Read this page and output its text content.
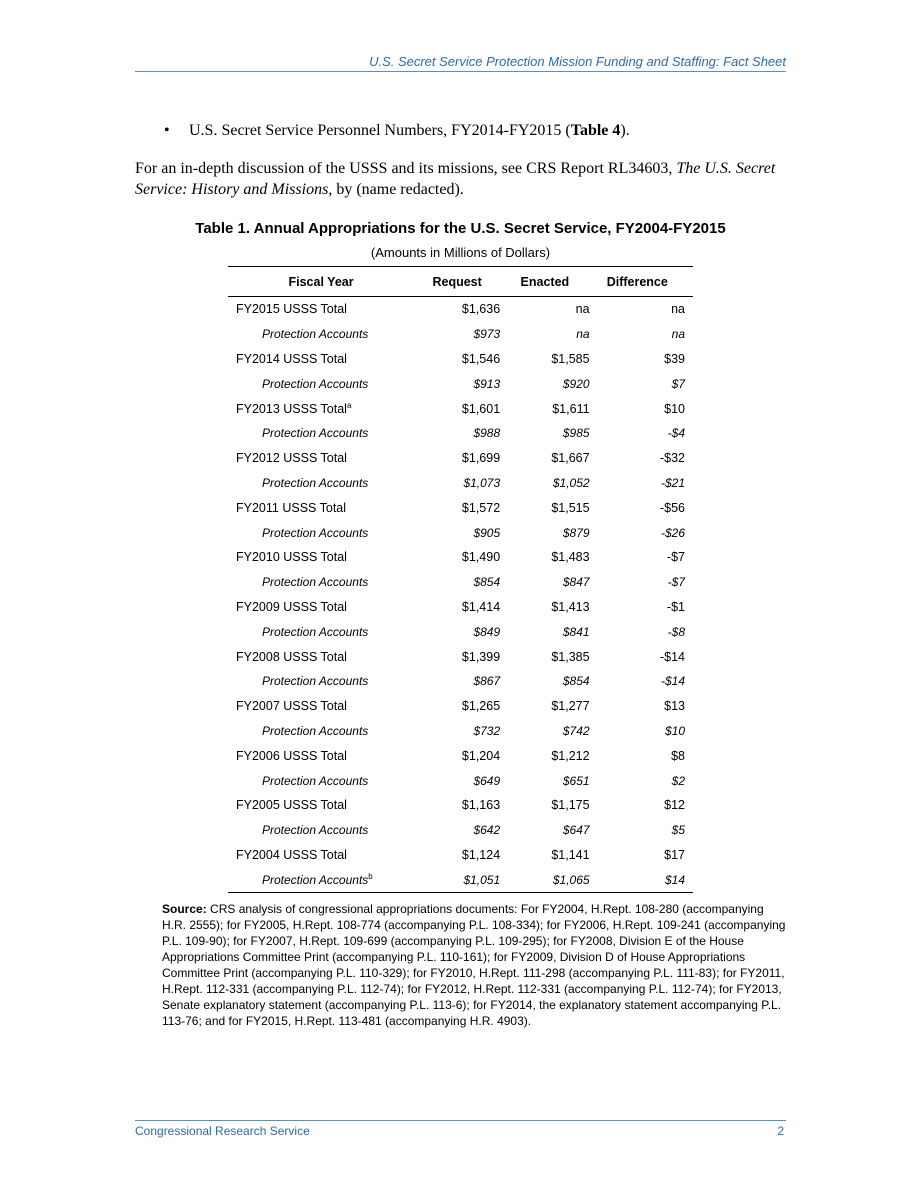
U.S. Secret Service Protection Mission Funding and Staffing: Fact Sheet
• U.S. Secret Service Personnel Numbers, FY2014-FY2015 (Table 4).
For an in-depth discussion of the USSS and its missions, see CRS Report RL34603, The U.S. Secret Service: History and Missions, by (name redacted).
Table 1. Annual Appropriations for the U.S. Secret Service, FY2004-FY2015
(Amounts in Millions of Dollars)
Fiscal Year	Request	Enacted	Difference
FY2015 USSS Total	$1,636	na	na
Protection Accounts	$973	na	na
FY2014 USSS Total	$1,546	$1,585	$39
Protection Accounts	$913	$920	$7
FY2013 USSS Total$^a$	$1,601	$1,611	$10
Protection Accounts	$988	$985	-$4
FY2012 USSS Total	$1,699	$1,667	-$32
Protection Accounts	$1,073	$1,052	-$21
FY2011 USSS Total	$1,572	$1,515	-$56
Protection Accounts	$905	$879	-$26
FY2010 USSS Total	$1,490	$1,483	-$7
Protection Accounts	$854	$847	-$7
FY2009 USSS Total	$1,414	$1,413	-$1
Protection Accounts	$849	$841	-$8
FY2008 USSS Total	$1,399	$1,385	-$14
Protection Accounts	$867	$854	-$14
FY2007 USSS Total	$1,265	$1,277	$13
Protection Accounts	$732	$742	$10
FY2006 USSS Total	$1,204	$1,212	$8
Protection Accounts	$649	$651	$2
FY2005 USSS Total	$1,163	$1,175	$12
Protection Accounts	$642	$647	$5
FY2004 USSS Total	$1,124	$1,141	$17
Protection Accounts$^b$	$1,051	$1,065	$14
Source: CRS analysis of congressional appropriations documents: For FY2004, H.Rept. 108-280 (accompanying H.R. 2555); for FY2005, H.Rept. 108-774 (accompanying P.L. 108-334); for FY2006, H.Rept. 109-241 (accompanying P.L. 109-90); for FY2007, H.Rept. 109-699 (accompanying P.L. 109-295); for FY2008, Division E of the House Appropriations Committee Print (accompanying P.L. 110-161); for FY2009, Division D of House Appropriations Committee Print (accompanying P.L. 110-329); for FY2010, H.Rept. 111-298 (accompanying P.L. 111-83); for FY2011, H.Rept. 112-331 (accompanying P.L. 112-74); for FY2012, H.Rept. 112-331 (accompanying P.L. 112-74); for FY2013, Senate explanatory statement (accompanying P.L. 113-6); for FY2014, the explanatory statement accompanying P.L. 113-76; and for FY2015, H.Rept. 113-481 (accompanying H.R. 4903).
Congressional Research Service	2
